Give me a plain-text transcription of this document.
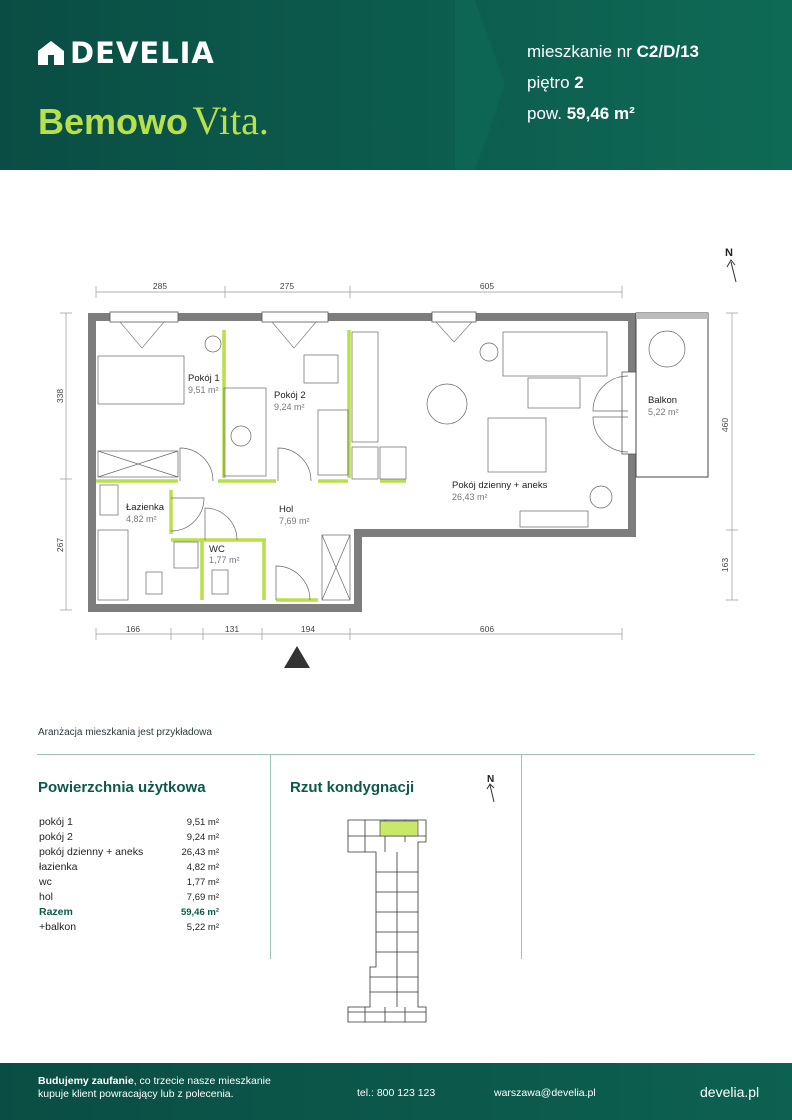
DEVELIA
Bemowo Vita.
mieszkanie nr C2/D/13
piętro 2
pow. 59,46 m²
N
285	275	605
166	131	194	606
338
267
460
163
Pokój 1
9,51 m²	Pokój 2
9,24 m²
Pokój dzienny + aneks
26,43 m²
Łazienka
4,82 m²
WC
1,77 m²
Hol
7,69 m²
Balkon
5,22 m²
Aranżacja mieszkania jest przykładowa
Powierzchnia użytkowa
pokój 1	9,51 m²
pokój 2	9,24 m²
pokój dzienny + aneks	26,43 m²
łazienka	4,82 m²
wc	1,77 m²
hol	7,69 m²
Razem	59,46 m²
+balkon	5,22 m²
Rzut kondygnacji	N
Budujemy zaufanie, co trzecie nasze mieszkanie
kupuje klient powracający lub z polecenia.	tel.: 800 123 123	warszawa@develia.pl	develia.pl
